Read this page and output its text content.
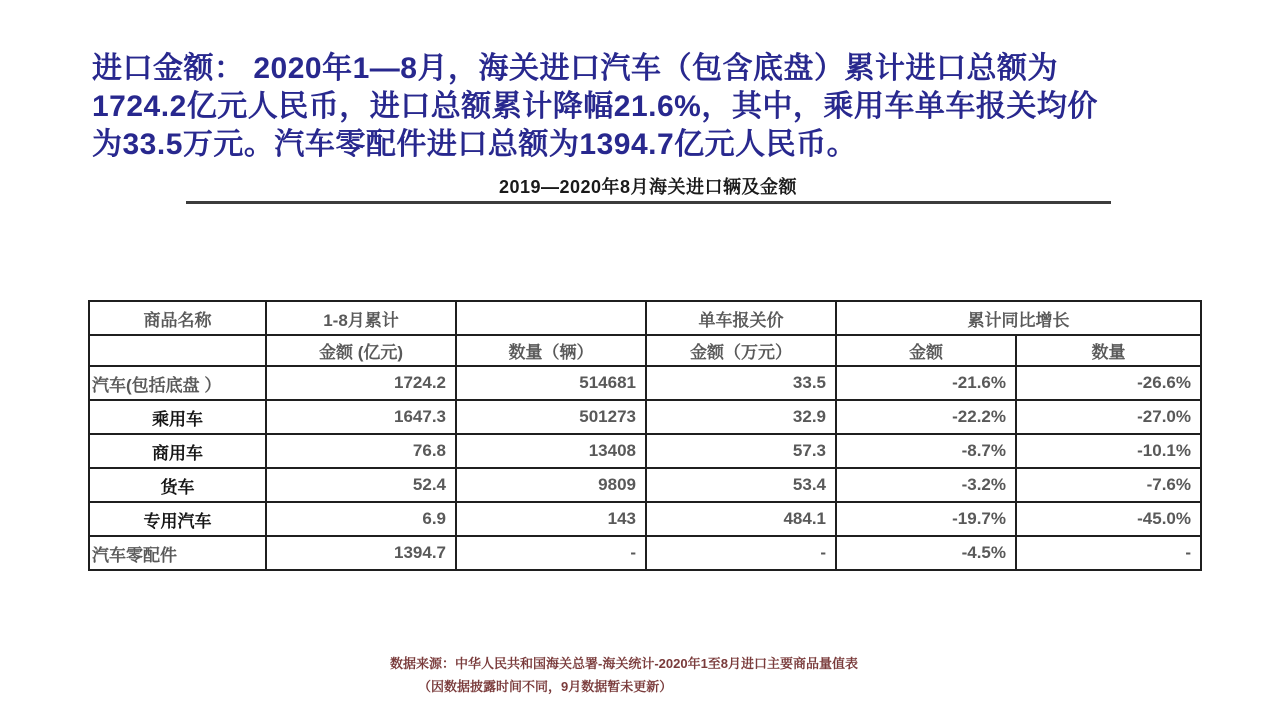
进口金额： 2020年1—8月，海关进口汽车（包含底盘）累计进口总额为
1724.2亿元人民币，进口总额累计降幅21.6%，其中，乘用车单车报关均价
为33.5万元。汽车零配件进口总额为1394.7亿元人民币。
2019—2020年8月海关进口辆及金额
商品名称	1-8月累计		单车报关价	累计同比增长	
	金额 (亿元)	数量（辆）	金额（万元）	金额	数量
汽车(包括底盘 ）	1724.2	514681	33.5	-21.6%	-26.6%
乘用车	1647.3	501273	32.9	-22.2%	-27.0%
商用车	76.8	13408	57.3	-8.7%	-10.1%
货车	52.4	9809	53.4	-3.2%	-7.6%
专用汽车	6.9	143	484.1	-19.7%	-45.0%
汽车零配件	1394.7	-	-	-4.5%	-
数据来源：中华人民共和国海关总署-海关统计-2020年1至8月进口主要商品量值表
（因数据披露时间不同，9月数据暂未更新）
